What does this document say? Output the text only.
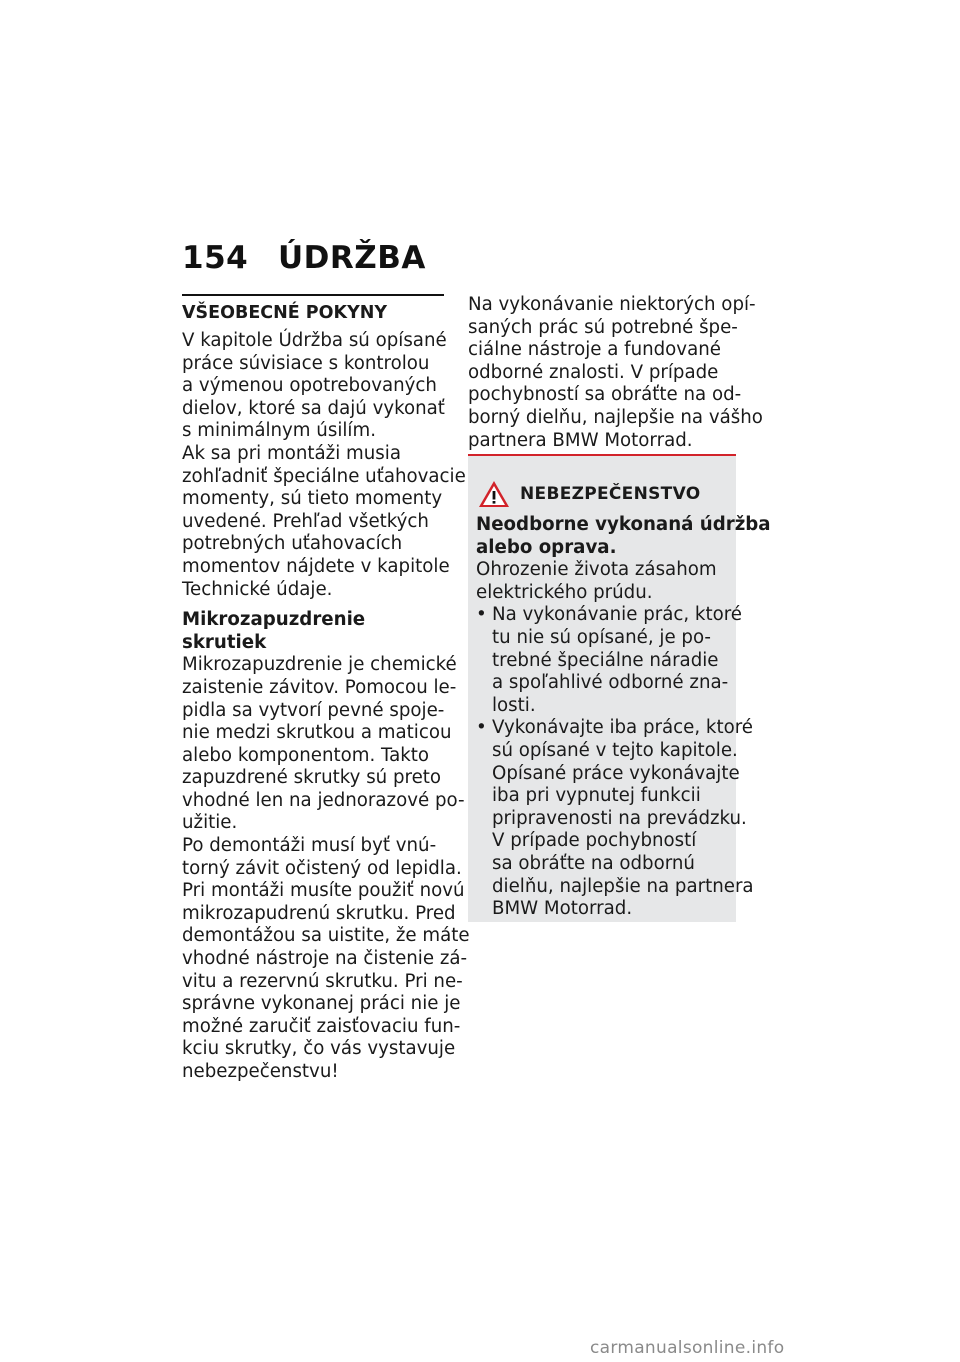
154 ÚDRŽBA
VŠEOBECNÉ POKYNY
V kapitole Údržba sú opísané
práce súvisiace s kontrolou
a výmenou opotrebovaných
dielov, ktoré sa dajú vykonať
s minimálnym úsilím.
Ak sa pri montáži musia
zohľadniť špeciálne uťahovacie
momenty, sú tieto momenty
uvedené. Prehľad všetkých
potrebných uťahovacích
momentov nájdete v kapitole
Technické údaje.
Mikrozapuzdrenie skrutiek
Mikrozapuzdrenie je chemické
zaistenie závitov. Pomocou le-
pidla sa vytvorí pevné spoje-
nie medzi skrutkou a maticou
alebo komponentom. Takto
zapuzdrené skrutky sú preto
vhodné len na jednorazové po-
užitie.
Po demontáži musí byť vnú-
torný závit očistený od lepidla.
Pri montáži musíte použiť novú
mikrozapudrenú skrutku. Pred
demontážou sa uistite, že máte
vhodné nástroje na čistenie zá-
vitu a rezervnú skrutku. Pri ne-
správne vykonanej práci nie je
možné zaručiť zaisťovaciu fun-
kciu skrutky, čo vás vystavuje
nebezpečenstvu!
Na vykonávanie niektorých opí-
saných prác sú potrebné špe-
ciálne nástroje a fundované
odborné znalosti. V prípade
pochybností sa obráťte na od-
borný dielňu, najlepšie na vášho
partnera BMW Motorrad.
NEBEZPEČENSTVO
Neodborne vykonaná údržba
alebo oprava.
Ohrozenie života zásahom
elektrického prúdu.
• Na vykonávanie prác, ktoré
tu nie sú opísané, je po-
trebné špeciálne náradie
a spoľahlivé odborné zna-
losti.
• Vykonávajte iba práce, ktoré
sú opísané v tejto kapitole.
Opísané práce vykonávajte
iba pri vypnutej funkcii
pripravenosti na prevádzku.
V prípade pochybností
sa obráťte na odbornú
dielňu, najlepšie na partnera
BMW Motorrad.
carmanualsonline.info
